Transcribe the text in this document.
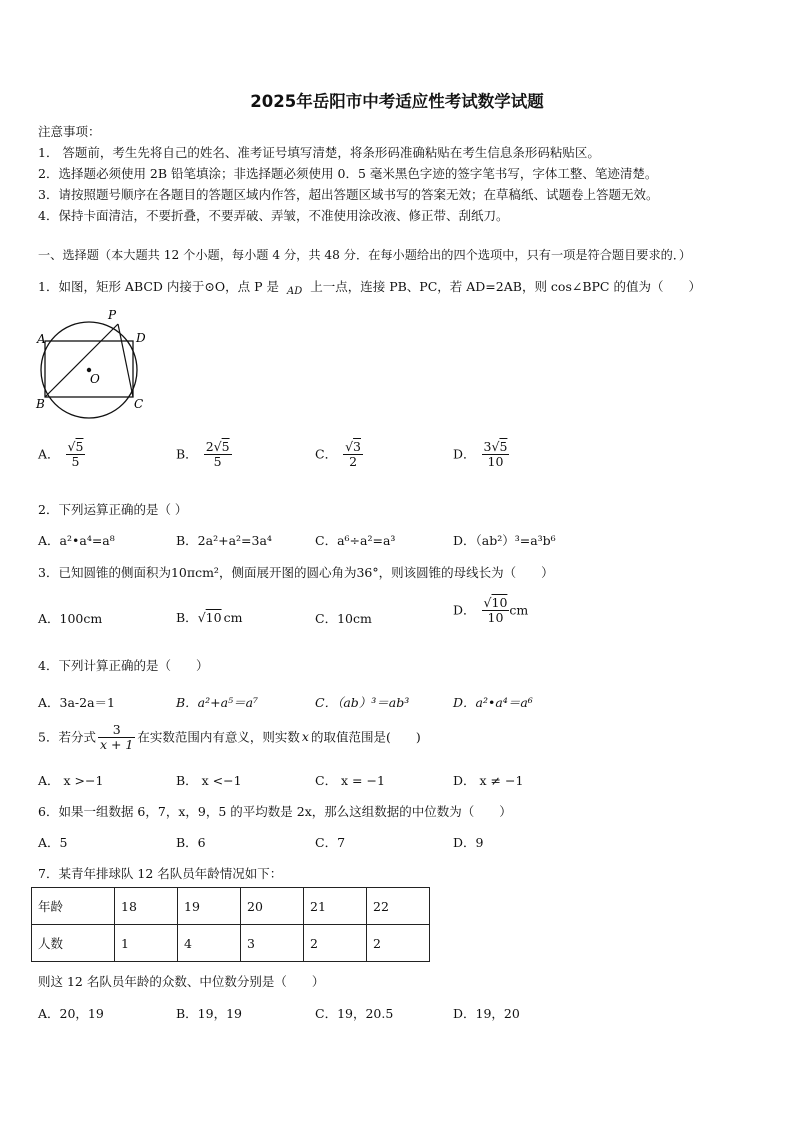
2025年岳阳市中考适应性考试数学试题
注意事项：
1． 答题前，考生先将自己的姓名、准考证号填写清楚，将条形码准确粘贴在考生信息条形码粘贴区。
2．选择题必须使用 2B 铅笔填涂；非选择题必须使用 0．5 毫米黑色字迹的签字笔书写，字体工整、笔迹清楚。
3．请按照题号顺序在各题目的答题区域内作答，超出答题区域书写的答案无效；在草稿纸、试题卷上答题无效。
4．保持卡面清洁，不要折叠，不要弄破、弄皱，不准使用涂改液、修正带、刮纸刀。
一、选择题（本大题共 12 个小题，每小题 4 分，共 48 分．在每小题给出的四个选项中，只有一项是符合题目要求的．）
1．如图，矩形 ABCD 内接于⊙O，点 P 是 $_{AD}$ 上一点，连接 PB、PC，若 AD=2AB，则 cos∠BPC 的值为（　　）
P
A	D
O
B	C
A． $\frac{√5}{5}$	B． $\frac{2√5}{5}$	C． $\frac{√3}{2}$	D． $\frac{3√5}{10}$
2．下列运算正确的是（ ）
A．a²•a⁴=a⁸	B．2a²+a²=3a⁴	C．a⁶÷a²=a³	D．（ab²）³=a³b⁶
3．已知圆锥的侧面积为10πcm²，侧面展开图的圆心角为36°，则该圆锥的母线长为（　　）
A．100cm	B．√10 cm	C．10cm
D． $\frac{√10}{10}$ cm
4．下列计算正确的是（　　）
A．3a-2a＝1	B．a²+a⁵＝a⁷	C．（ab）³＝ab³	D．a²•a⁴＝a⁶
5．若分式 $\frac{3}{x + 1}$ 在实数范围内有意义，则实数 x 的取值范围是(　　)
A． x >−1	B． x <−1	C． x = −1	D． x ≠ −1
6．如果一组数据 6，7，x，9，5 的平均数是 2x，那么这组数据的中位数为（　　）
A．5	B．6	C．7	D．9
7．某青年排球队 12 名队员年龄情况如下：
年龄	18	19	20	21	22
人数	1	4	3	2	2
则这 12 名队员年龄的众数、中位数分别是（　　）
A．20，19	B．19，19	C．19，20.5	D．19，20
